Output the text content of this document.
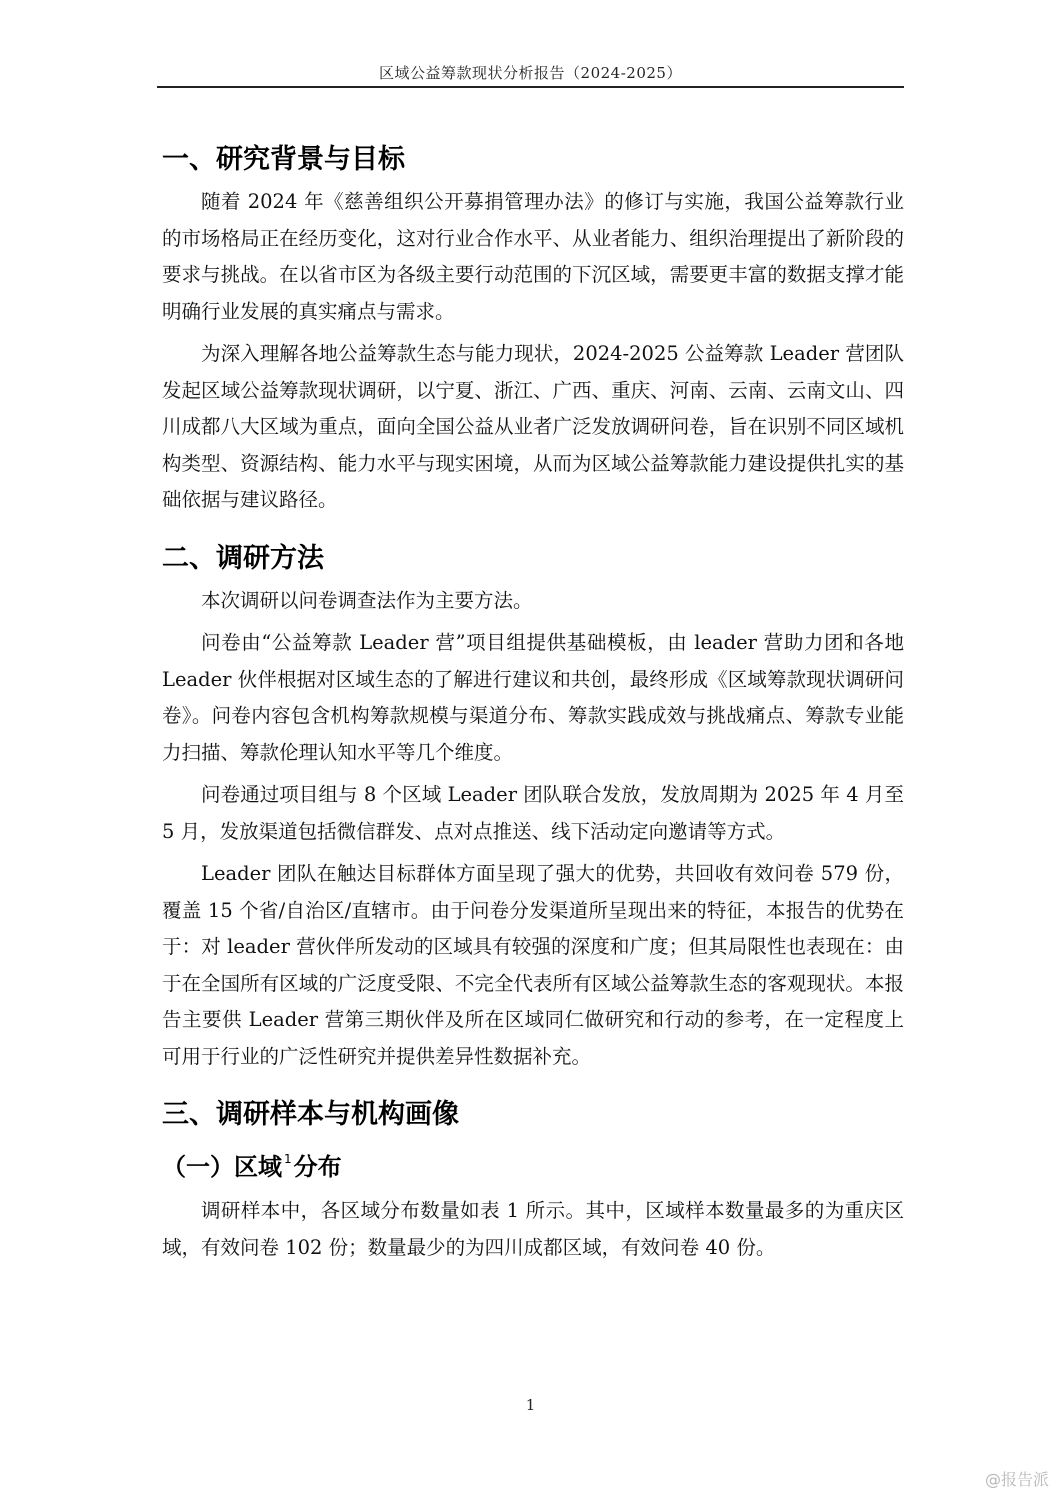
区域公益筹款现状分析报告（2024-2025）
一、研究背景与目标

随着 2024 年《慈善组织公开募捐管理办法》的修订与实施，我国公益筹款行业的市场格局正在经历变化，这对行业合作水平、从业者能力、组织治理提出了新阶段的要求与挑战。在以省市区为各级主要行动范围的下沉区域，需要更丰富的数据支撑才能明确行业发展的真实痛点与需求。

为深入理解各地公益筹款生态与能力现状，2024-2025 公益筹款 Leader 营团队发起区域公益筹款现状调研，以宁夏、浙江、广西、重庆、河南、云南、云南文山、四川成都八大区域为重点，面向全国公益从业者广泛发放调研问卷，旨在识别不同区域机构类型、资源结构、能力水平与现实困境，从而为区域公益筹款能力建设提供扎实的基础依据与建议路径。

二、调研方法

本次调研以问卷调查法作为主要方法。

问卷由“公益筹款 Leader 营”项目组提供基础模板，由 leader 营助力团和各地 Leader 伙伴根据对区域生态的了解进行建议和共创，最终形成《区域筹款现状调研问卷》。问卷内容包含机构筹款规模与渠道分布、筹款实践成效与挑战痛点、筹款专业能力扫描、筹款伦理认知水平等几个维度。

问卷通过项目组与 8 个区域 Leader 团队联合发放，发放周期为 2025 年 4 月至 5 月，发放渠道包括微信群发、点对点推送、线下活动定向邀请等方式。

Leader 团队在触达目标群体方面呈现了强大的优势，共回收有效问卷 579 份，覆盖 15 个省/自治区/直辖市。由于问卷分发渠道所呈现出来的特征，本报告的优势在于：对 leader 营伙伴所发动的区域具有较强的深度和广度；但其局限性也表现在：由于在全国所有区域的广泛度受限、不完全代表所有区域公益筹款生态的客观现状。本报告主要供 Leader 营第三期伙伴及所在区域同仁做研究和行动的参考，在一定程度上可用于行业的广泛性研究并提供差异性数据补充。

三、调研样本与机构画像
（一）区域 $^1$分布

调研样本中，各区域分布数量如表 1 所示。其中，区域样本数量最多的为重庆区域，有效问卷 102 份；数量最少的为四川成都区域，有效问卷 40 份。

1
@报告派
